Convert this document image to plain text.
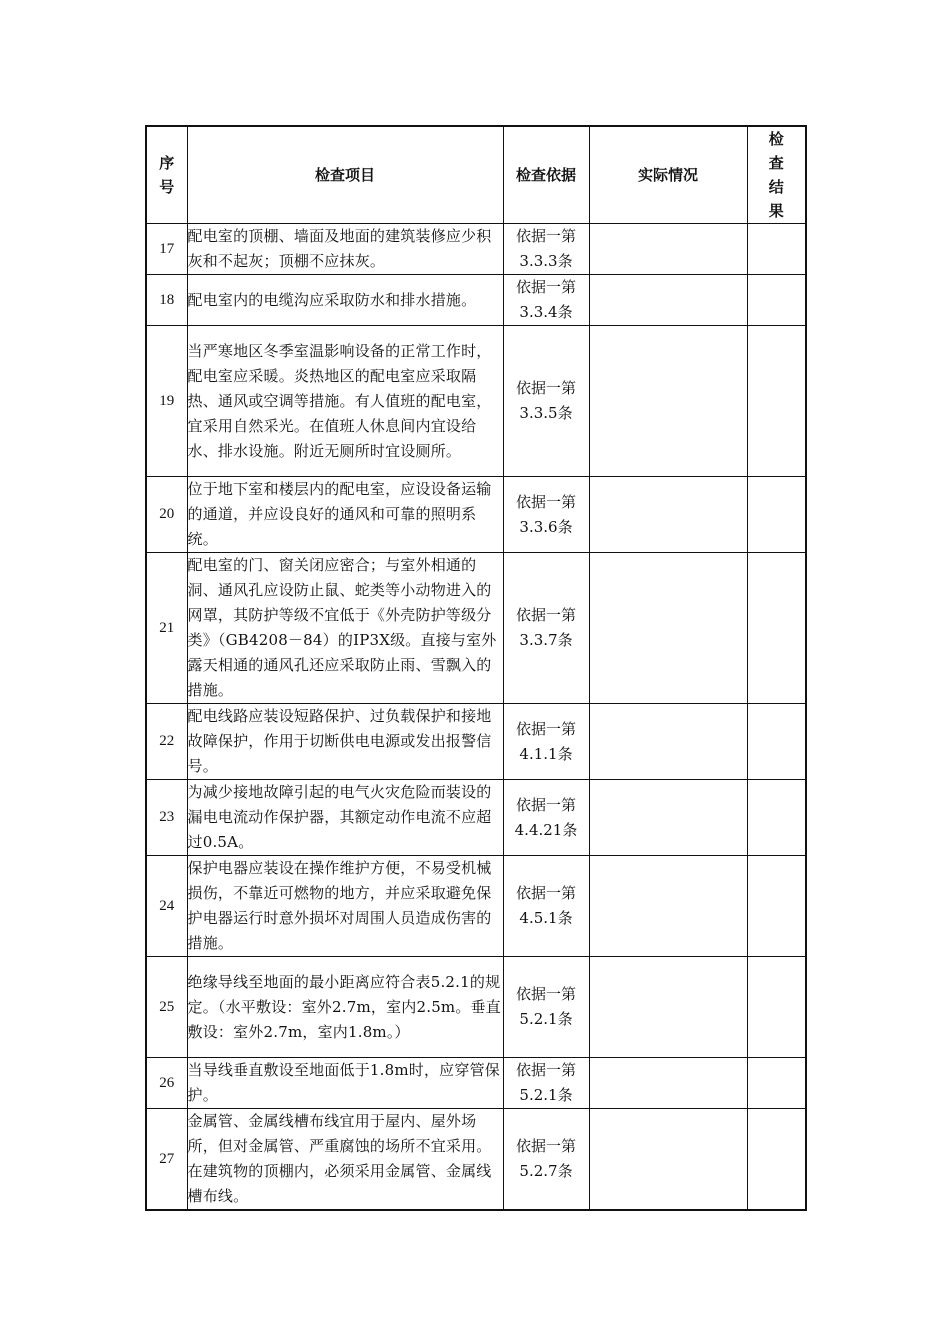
序号	检查项目	检查依据	实际情况	检查结果
17	配电室的顶棚、墙面及地面的建筑装修应少积灰和不起灰；顶棚不应抹灰。	依据一第3.3.3条		
18	配电室内的电缆沟应采取防水和排水措施。	依据一第3.3.4条		
19	当严寒地区冬季室温影响设备的正常工作时，配电室应采暖。炎热地区的配电室应采取隔热、通风或空调等措施。有人值班的配电室，宜采用自然采光。在值班人休息间内宜设给水、排水设施。附近无厕所时宜设厕所。	依据一第3.3.5条		
20	位于地下室和楼层内的配电室，应设设备运输的通道，并应设良好的通风和可靠的照明系统。	依据一第3.3.6条		
21	配电室的门、窗关闭应密合；与室外相通的洞、通风孔应设防止鼠、蛇类等小动物进入的网罩，其防护等级不宜低于《外壳防护等级分类》（GB4208－84）的IP3X级。直接与室外露天相通的通风孔还应采取防止雨、雪飘入的措施。	依据一第3.3.7条		
22	配电线路应装设短路保护、过负载保护和接地故障保护，作用于切断供电电源或发出报警信号。	依据一第4.1.1条		
23	为减少接地故障引起的电气火灾危险而装设的漏电电流动作保护器，其额定动作电流不应超过0.5A。	依据一第4.4.21条		
24	保护电器应装设在操作维护方便，不易受机械损伤，不靠近可燃物的地方，并应采取避免保护电器运行时意外损坏对周围人员造成伤害的措施。	依据一第4.5.1条		
25	绝缘导线至地面的最小距离应符合表5.2.1的规定。（水平敷设：室外2.7m，室内2.5m。垂直敷设：室外2.7m，室内1.8m。）	依据一第5.2.1条		
26	当导线垂直敷设至地面低于1.8m时，应穿管保护。	依据一第5.2.1条		
27	金属管、金属线槽布线宜用于屋内、屋外场所，但对金属管、严重腐蚀的场所不宜采用。在建筑物的顶棚内，必须采用金属管、金属线槽布线。	依据一第5.2.7条		
